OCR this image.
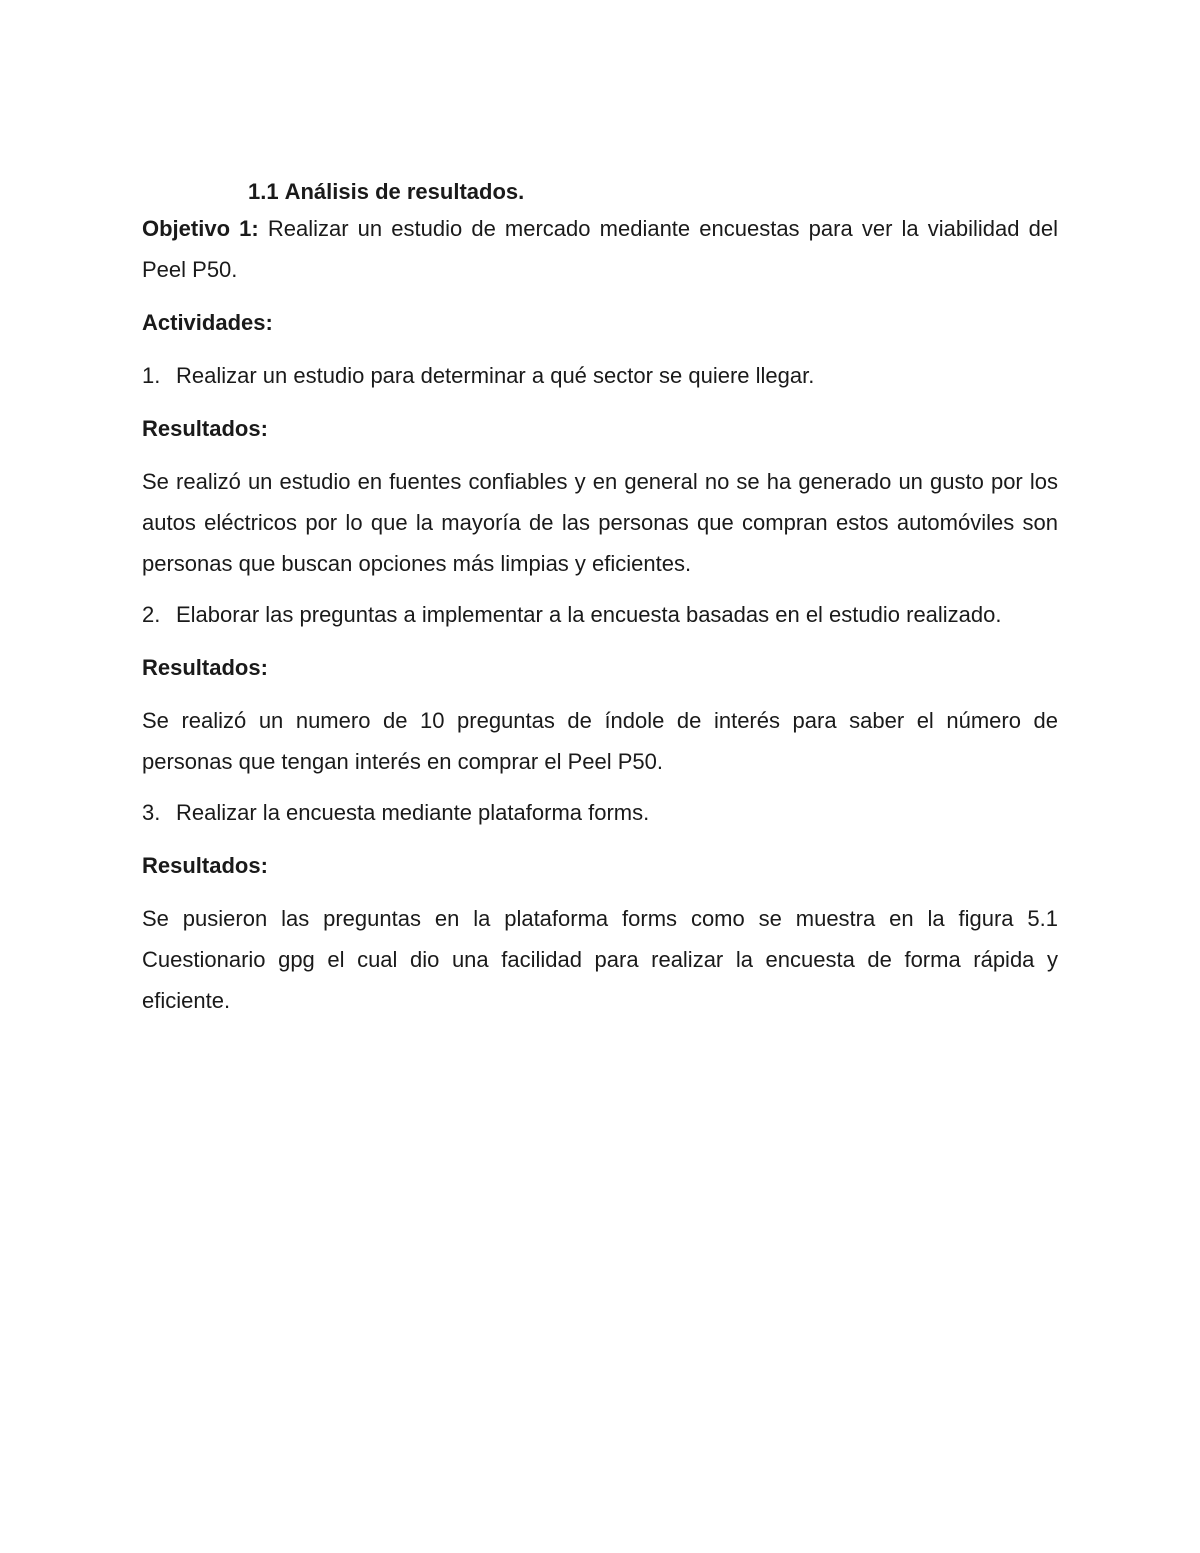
1.1 Análisis de resultados.

Objetivo 1: Realizar un estudio de mercado mediante encuestas para ver la viabilidad del Peel P50.

Actividades:

1. Realizar un estudio para determinar a qué sector se quiere llegar.

Resultados:

Se realizó un estudio en fuentes confiables y en general no se ha generado un gusto por los autos eléctricos por lo que la mayoría de las personas que compran estos automóviles son personas que buscan opciones más limpias y eficientes.

2. Elaborar las preguntas a implementar a la encuesta basadas en el estudio realizado.

Resultados:

Se realizó un numero de 10 preguntas de índole de interés para saber el número de personas que tengan interés en comprar el Peel P50.

3. Realizar la encuesta mediante plataforma forms.

Resultados:

Se pusieron las preguntas en la plataforma forms como se muestra en la figura 5.1 Cuestionario gpg el cual dio una facilidad para realizar la encuesta de forma rápida y eficiente.
